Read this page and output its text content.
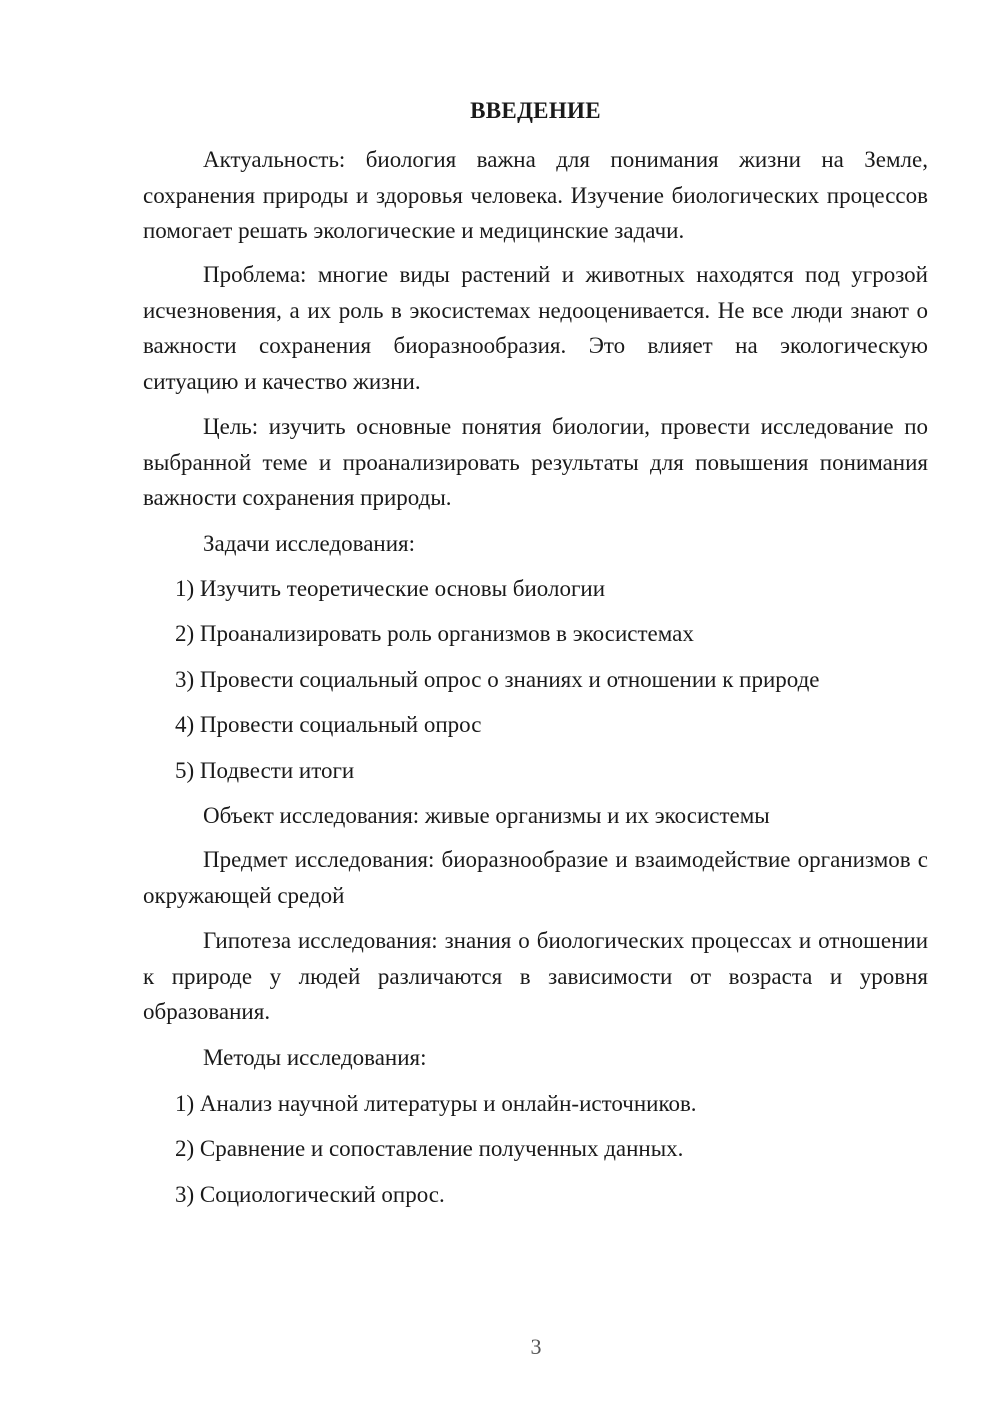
ВВЕДЕНИЕ

Актуальность: биология важна для понимания жизни на Земле, сохранения природы и здоровья человека. Изучение биологических процессов помогает решать экологические и медицинские задачи.

Проблема: многие виды растений и животных находятся под угрозой исчезновения, а их роль в экосистемах недооценивается. Не все люди знают о важности сохранения биоразнообразия. Это влияет на экологическую ситуацию и качество жизни.

Цель: изучить основные понятия биологии, провести исследование по выбранной теме и проанализировать результаты для повышения понимания важности сохранения природы.

Задачи исследования:

1) Изучить теоретические основы биологии

2) Проанализировать роль организмов в экосистемах

3) Провести социальный опрос о знаниях и отношении к природе

4) Провести социальный опрос

5) Подвести итоги

Объект исследования: живые организмы и их экосистемы

Предмет исследования: биоразнообразие и взаимодействие организмов с окружающей средой

Гипотеза исследования: знания о биологических процессах и отношении к природе у людей различаются в зависимости от возраста и уровня образования.

Методы исследования:

1) Анализ научной литературы и онлайн-источников.

2) Сравнение и сопоставление полученных данных.

3) Социологический опрос.

3
